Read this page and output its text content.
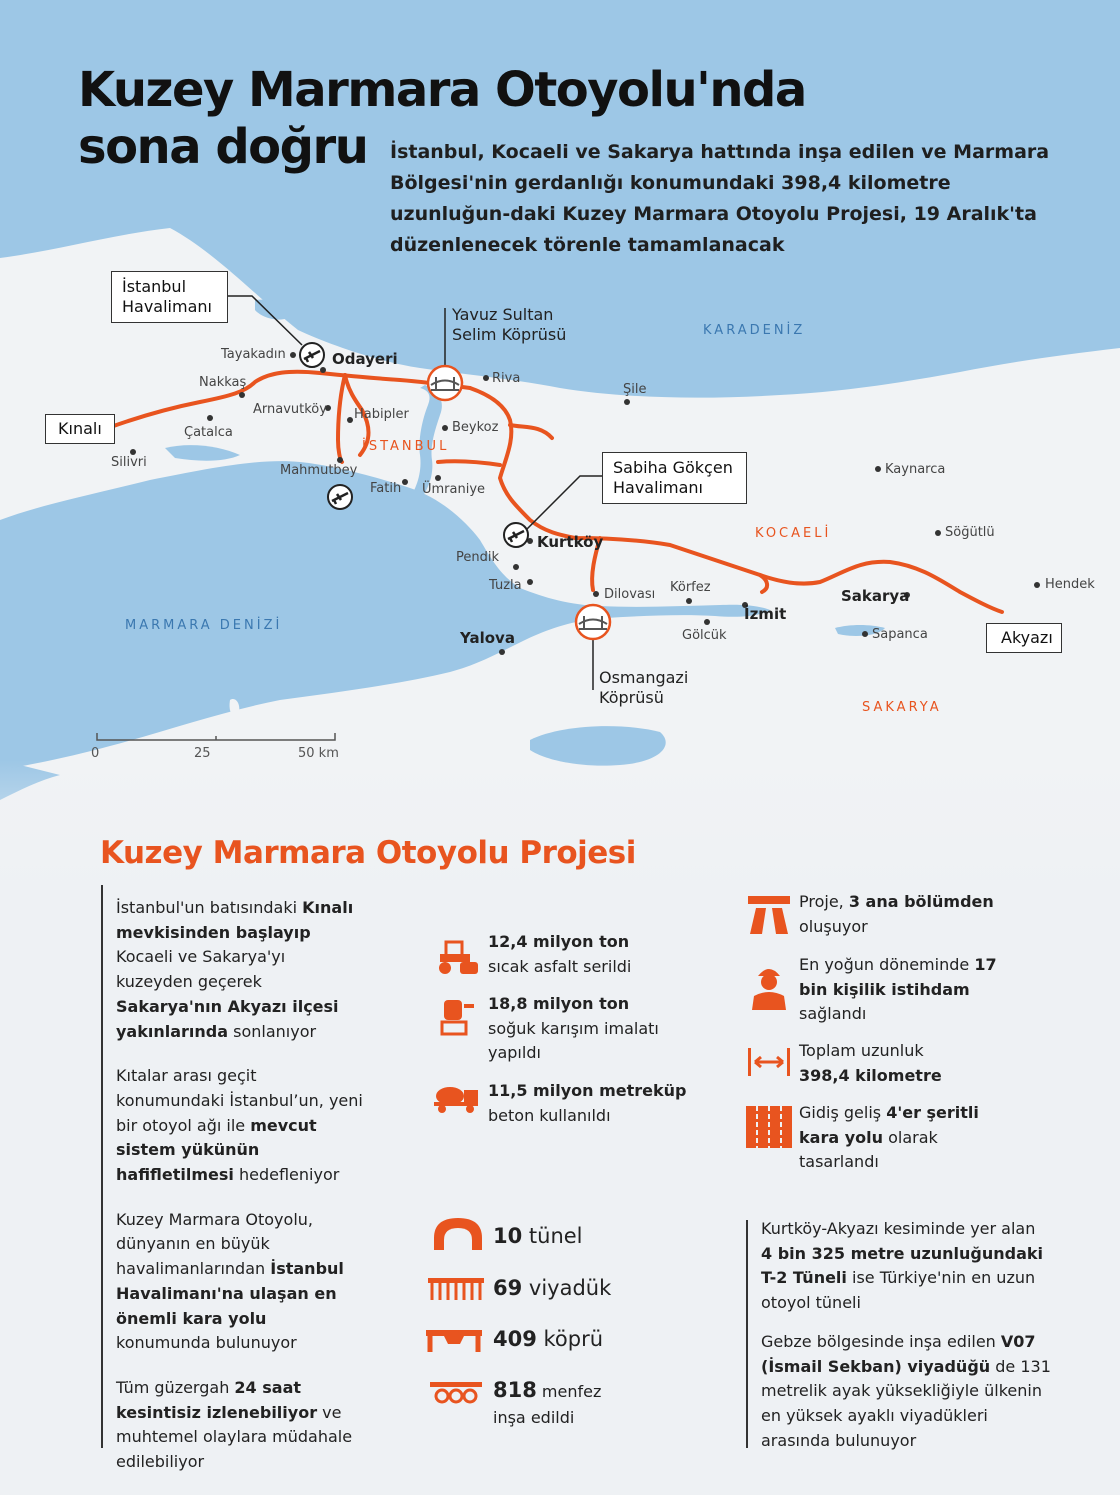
İstanbul Havalimanı
Sabiha Gökçen Havalimanı
Kınalı
Akyazı
Yavuz Sultan Selim Köprüsü
Osmangazi Köprüsü
KARADENİZ
MARMARA DENİZİ
İSTANBUL
KOCAELİ
SAKARYA
Tayakadın	Odayeri
Nakkaş
Arnavutköy Habipler
Çatalca
Silivri
Mahmutbey
Fatih Ümraniye
Beykoz
Riva
Şile
Kaynarca
Söğütlü
Hendek
Kurtköy
Pendik
Tuzla
Dilovası Körfez
İzmit
Gölcük
Yalova
Sakarya
Sapanca
0	25	50 km
Kuzey Marmara Otoyolu'nda
sona doğru	İstanbul, Kocaeli ve Sakarya hattında inşa edilen ve Marmara Bölgesi'nin gerdanlığı konumundaki 398,4 kilometre uzunluğun-daki Kuzey Marmara Otoyolu Projesi, 19 Aralık'ta düzenlenecek törenle tamamlanacak
Kuzey Marmara Otoyolu Projesi

İstanbul'un batısındaki Kınalı mevkisinden başlayıp Kocaeli ve Sakarya'yı kuzeyden geçerek Sakarya'nın Akyazı ilçesi yakınlarında sonlanıyor

Kıtalar arası geçit konumundaki İstanbul’un, yeni bir otoyol ağı ile mevcut sistem yükünün hafifletilmesi hedefleniyor

Kuzey Marmara Otoyolu, dünyanın en büyük havalimanlarından İstanbul Havalimanı'na ulaşan en önemli kara yolu konumunda bulunuyor

Tüm güzergah 24 saat kesintisiz izlenebiliyor ve muhtemel olaylara müdahale edilebiliyor

12,4 milyon ton
sıcak asfalt serildi
18,8 milyon ton
soğuk karışım imalatı yapıldı
11,5 milyon metreküp
beton kullanıldı
Proje, 3 ana bölümden oluşuyor
En yoğun döneminde 17 bin kişilik istihdam sağlandı
Toplam uzunluk
398,4 kilometre
Gidiş geliş 4'er şeritli kara yolu olarak tasarlandı
10 tünel
69 viyadük
409 köprü
818 menfez
inşa edildi

Kurtköy-Akyazı kesiminde yer alan 4 bin 325 metre uzunluğundaki T-2 Tüneli ise Türkiye'nin en uzun otoyol tüneli

Gebze bölgesinde inşa edilen V07 (İsmail Sekban) viyadüğü de 131 metrelik ayak yüksekliğiyle ülkenin en yüksek ayaklı viyadükleri arasında bulunuyor
